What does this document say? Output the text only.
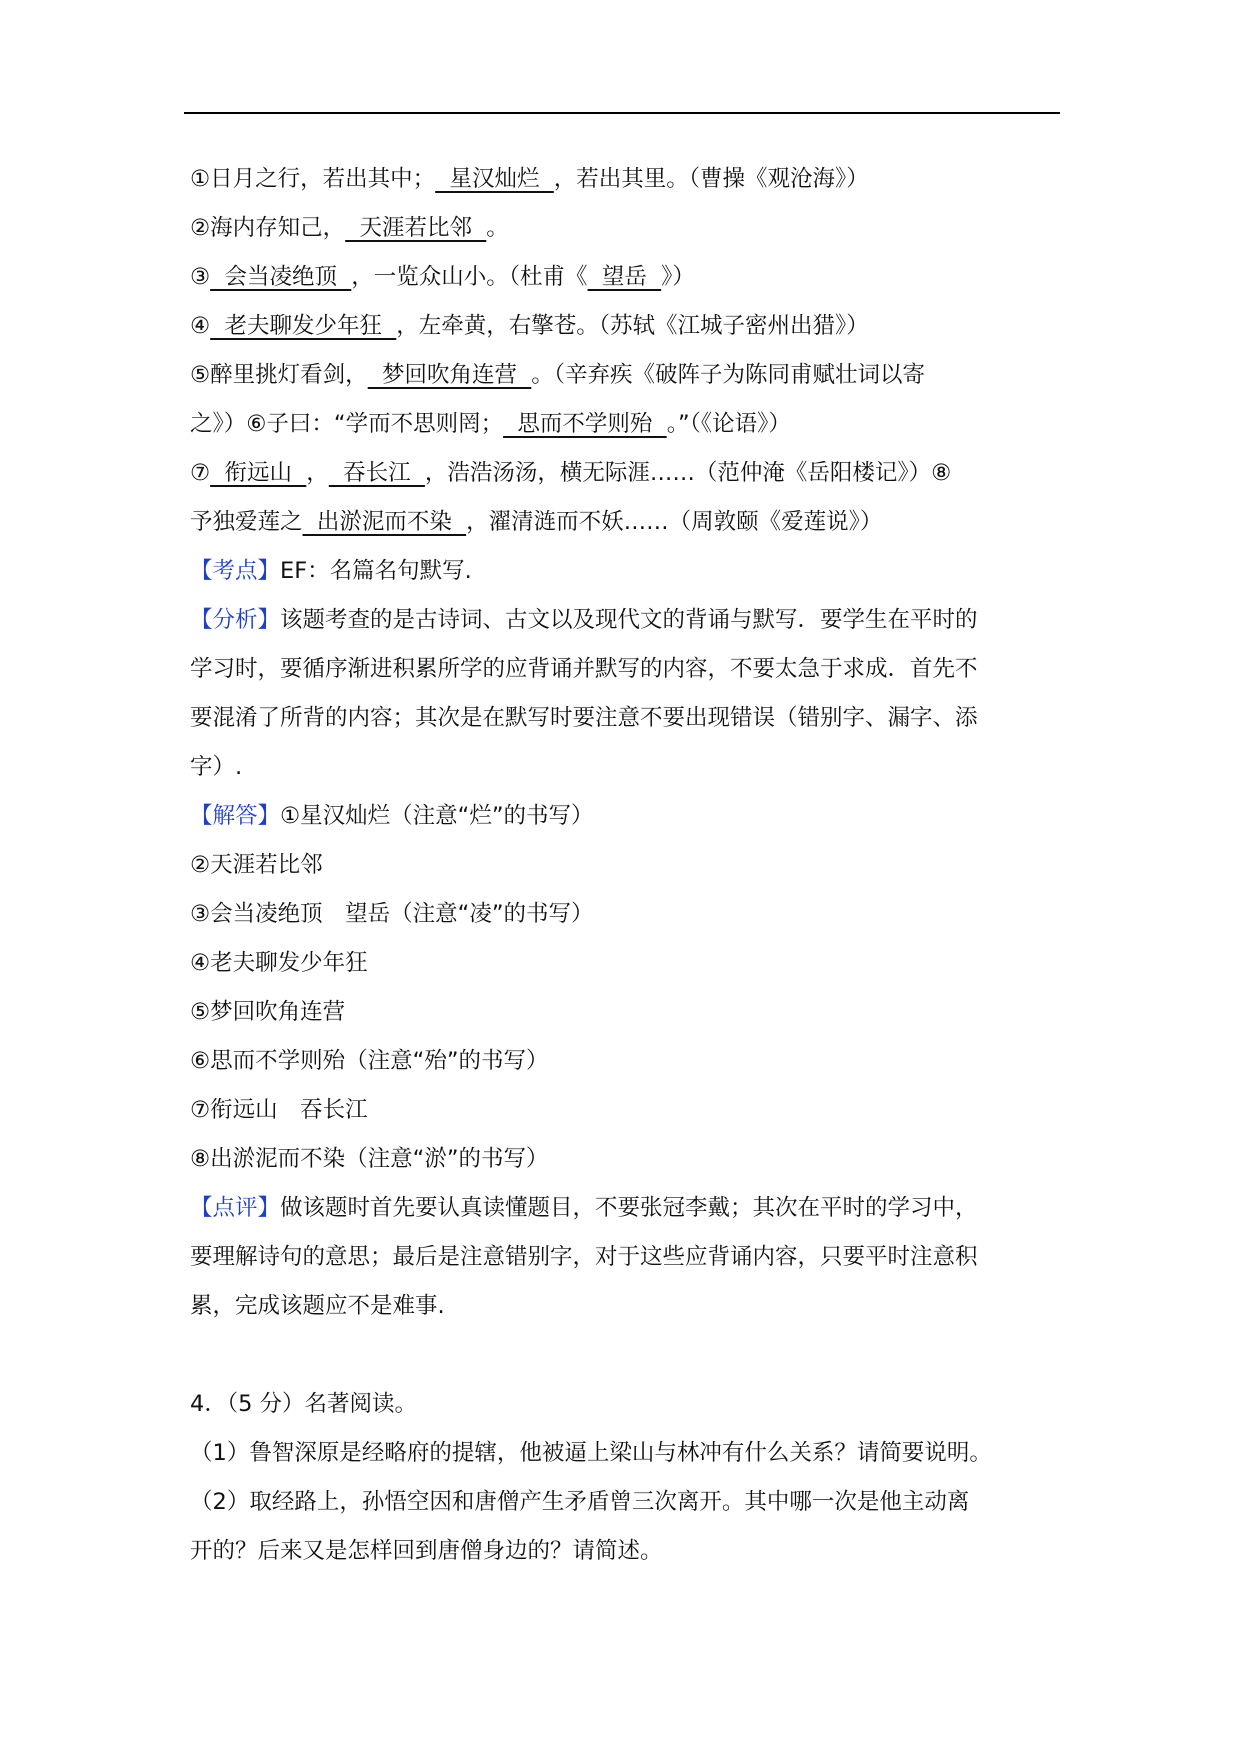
①日月之行，若出其中；  星汉灿烂  ，若出其里。（曹操《观沧海》）

②海内存知己，  天涯若比邻  。

③  会当凌绝顶  ，一览众山小。（杜甫《  望岳  》）

④  老夫聊发少年狂  ，左牵黄，右擎苍。（苏轼《江城子密州出猎》）

⑤醉里挑灯看剑，  梦回吹角连营  。（辛弃疾《破阵子为陈同甫赋壮词以寄

之》）⑥子曰：“学而不思则罔；  思而不学则殆  。”（《论语》）

⑦  衔远山  ，  吞长江  ，浩浩汤汤，横无际涯……（范仲淹《岳阳楼记》）⑧

予独爱莲之  出淤泥而不染  ，濯清涟而不妖……（周敦颐《爱莲说》）

【考点】EF：名篇名句默写.

【分析】该题考查的是古诗词、古文以及现代文的背诵与默写．要学生在平时的

学习时，要循序渐进积累所学的应背诵并默写的内容，不要太急于求成．首先不

要混淆了所背的内容；其次是在默写时要注意不要出现错误（错别字、漏字、添

字）.

【解答】①星汉灿烂（注意“烂”的书写）

②天涯若比邻

③会当凌绝顶　望岳（注意“凌”的书写）

④老夫聊发少年狂

⑤梦回吹角连营

⑥思而不学则殆（注意“殆”的书写）

⑦衔远山　吞长江

⑧出淤泥而不染（注意“淤”的书写）

【点评】做该题时首先要认真读懂题目，不要张冠李戴；其次在平时的学习中，

要理解诗句的意思；最后是注意错别字，对于这些应背诵内容，只要平时注意积

累，完成该题应不是难事.

4．（5 分）名著阅读。

（1）鲁智深原是经略府的提辖，他被逼上梁山与林冲有什么关系？请简要说明。

（2）取经路上，孙悟空因和唐僧产生矛盾曾三次离开。其中哪一次是他主动离

开的？后来又是怎样回到唐僧身边的？请简述。
